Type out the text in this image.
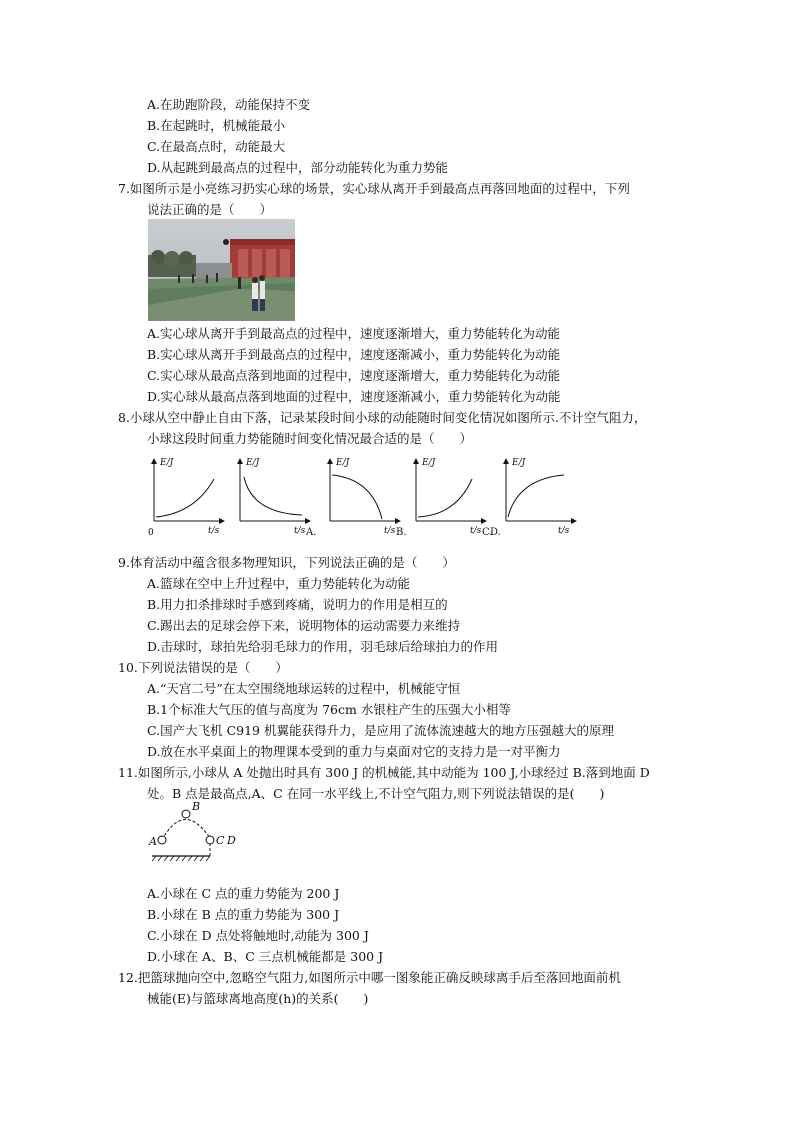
A.在助跑阶段，动能保持不变
B.在起跳时，机械能最小
C.在最高点时，动能最大
D.从起跳到最高点的过程中，部分动能转化为重力势能
7.如图所示是小亮练习扔实心球的场景，实心球从离开手到最高点再落回地面的过程中，下列
说法正确的是（　　）
A.实心球从离开手到最高点的过程中，速度逐渐增大，重力势能转化为动能
B.实心球从离开手到最高点的过程中，速度逐渐减小，重力势能转化为动能
C.实心球从最高点落到地面的过程中，速度逐渐增大，重力势能转化为动能
D.实心球从最高点落到地面的过程中，速度逐渐减小，重力势能转化为动能
8.小球从空中静止自由下落，记录某段时间小球的动能随时间变化情况如图所示.不计空气阻力，
小球这段时间重力势能随时间变化情况最合适的是（　　）
E/J
t/s
0
E/J
t/s A.
E/J
t/s B.
E/J
t/s C.
E/J
t/s
D.
9.体育活动中蕴含很多物理知识，下列说法正确的是（　　）
A.篮球在空中上升过程中，重力势能转化为动能
B.用力扣杀排球时手感到疼痛，说明力的作用是相互的
C.踢出去的足球会停下来，说明物体的运动需要力来维持
D.击球时，球拍先给羽毛球力的作用，羽毛球后给球拍力的作用
10.下列说法错误的是（　　）
A.“天宫二号”在太空围绕地球运转的过程中，机械能守恒
B.1个标准大气压的值与高度为 76cm 水银柱产生的压强大小相等
C.国产大飞机 C919 机翼能获得升力，是应用了流体流速越大的地方压强越大的原理
D.放在水平桌面上的物理课本受到的重力与桌面对它的支持力是一对平衡力
11.如图所示,小球从 A 处抛出时具有 300 J 的机械能,其中动能为 100 J,小球经过 B.落到地面 D
处。B 点是最高点,A、C 在同一水平线上,不计空气阻力,则下列说法错误的是(　　)
A
B
C D
A.小球在 C 点的重力势能为 200 J
B.小球在 B 点的重力势能为 300 J
C.小球在 D 点处将触地时,动能为 300 J
D.小球在 A、B、C 三点机械能都是 300 J
12.把篮球抛向空中,忽略空气阻力,如图所示中哪一图象能正确反映球离手后至落回地面前机
械能(E)与篮球离地高度(h)的关系(　　)
